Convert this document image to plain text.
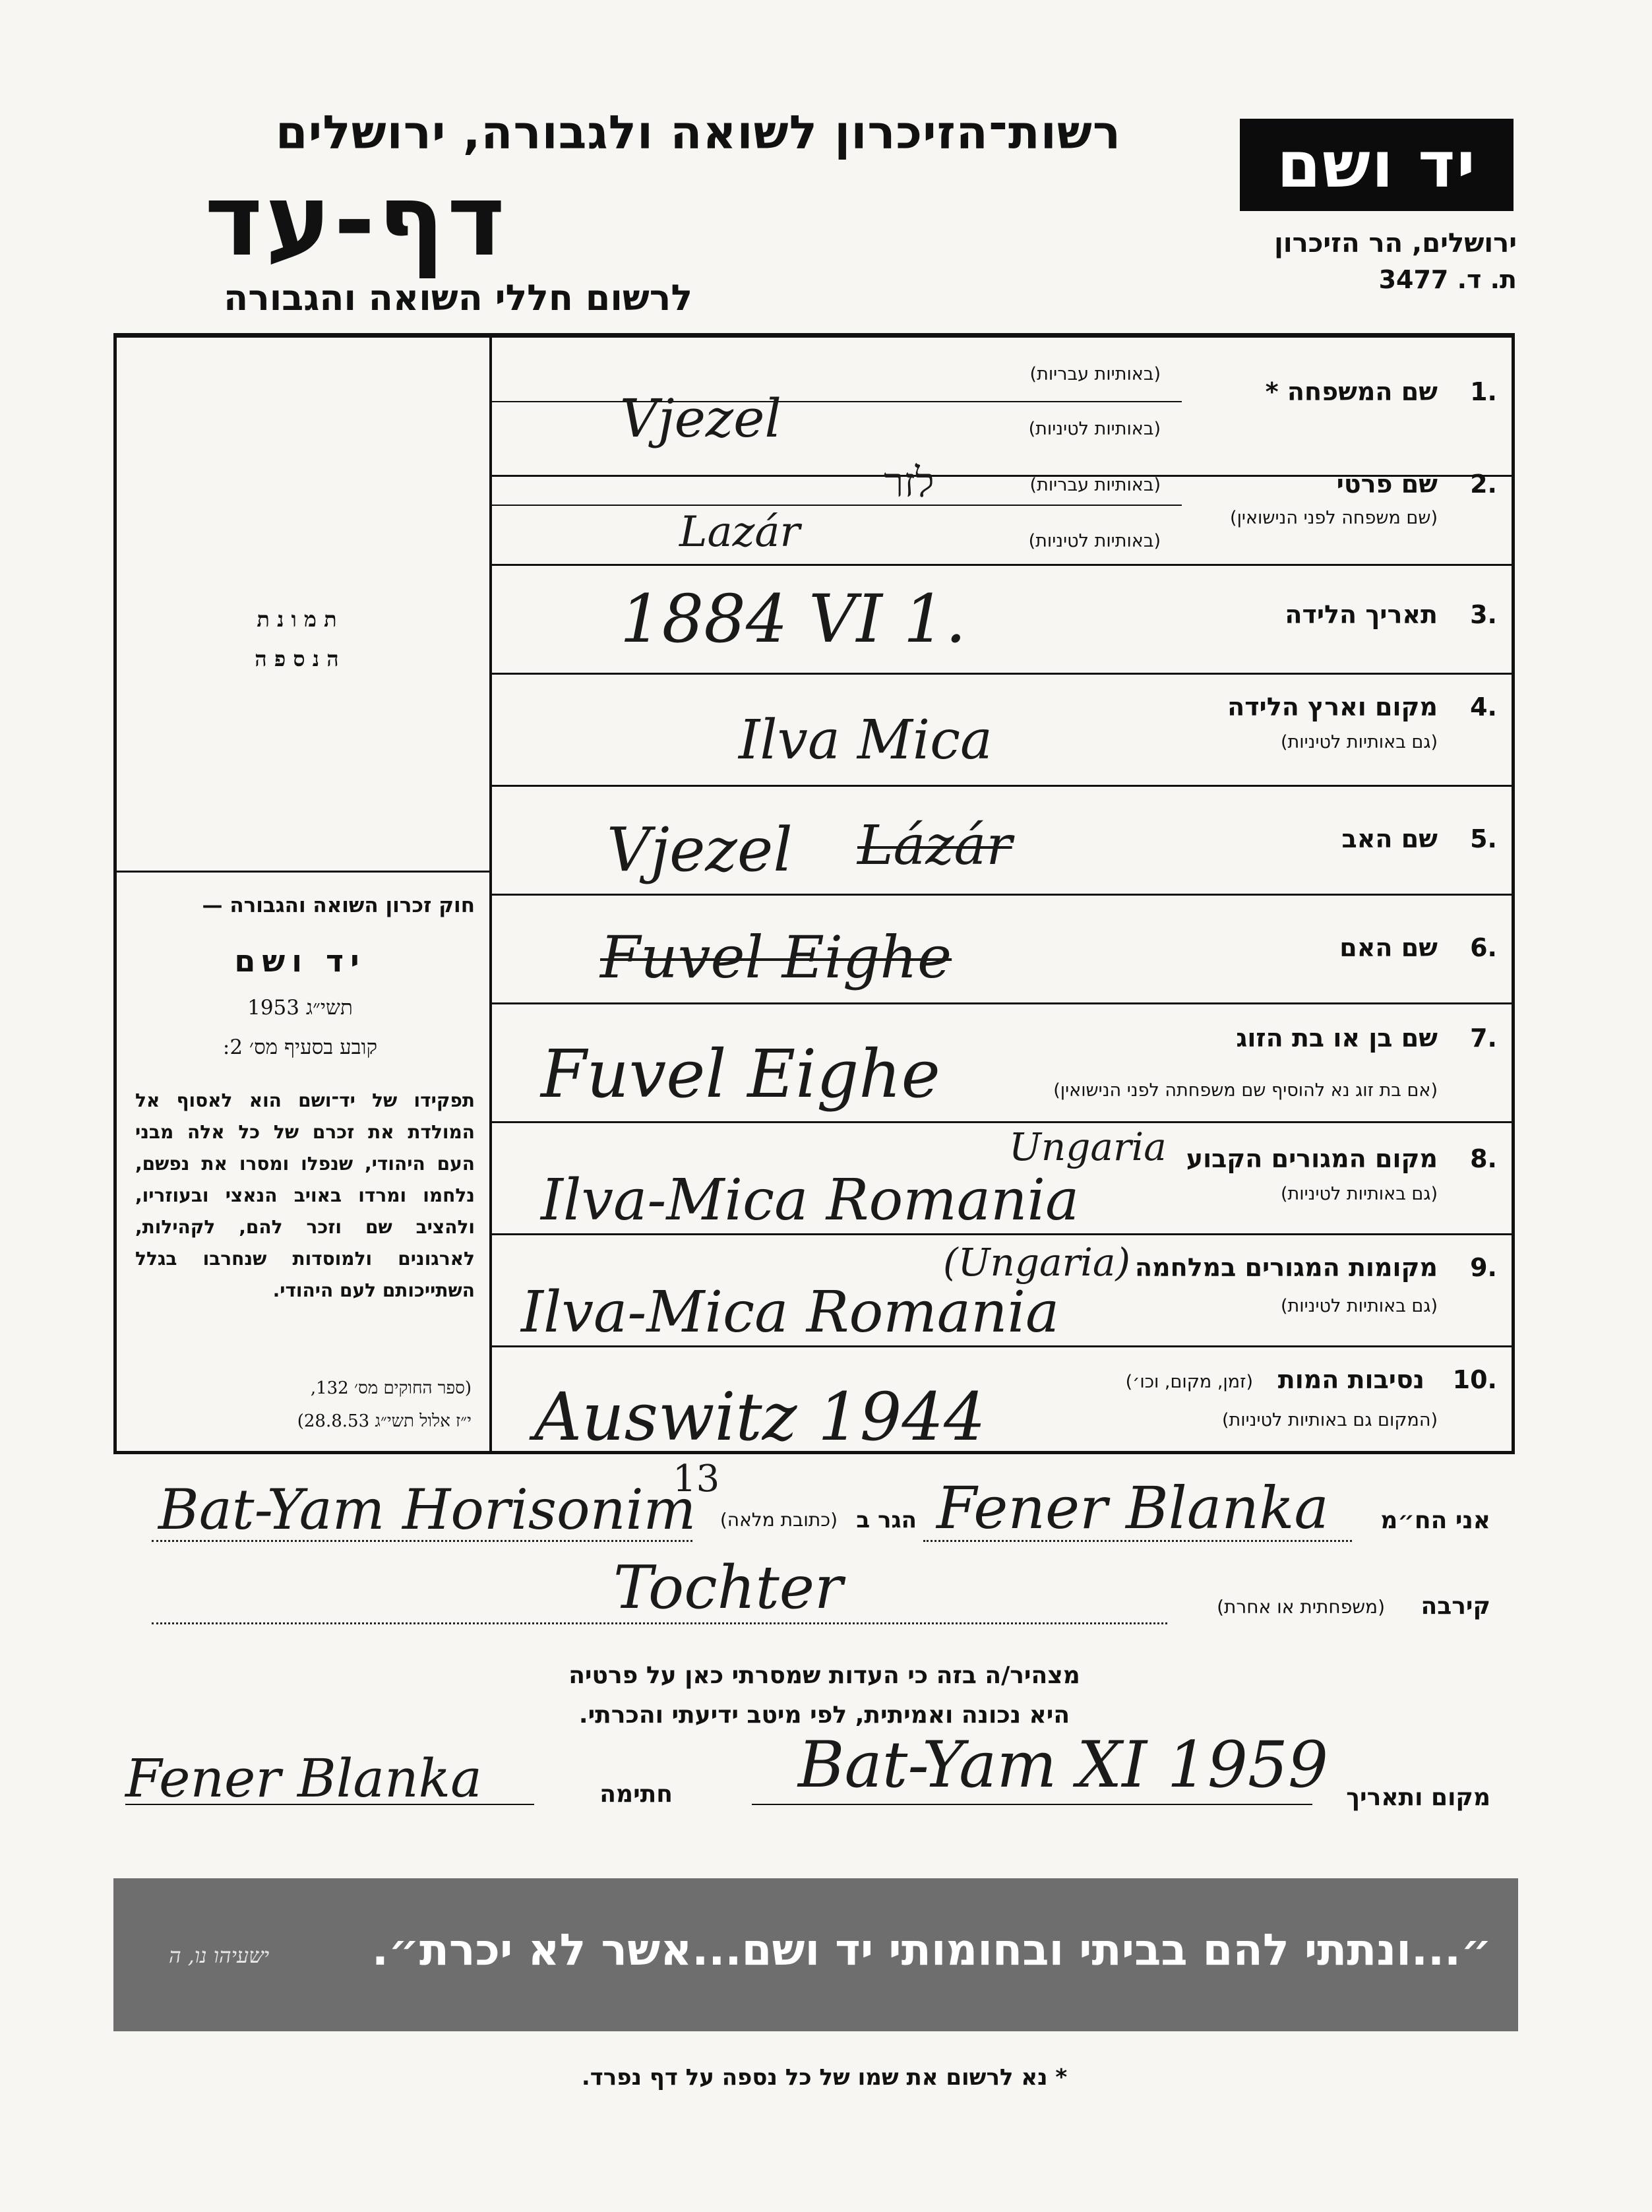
רשות־הזיכרון לשואה ולגבורה, ירושלים
דף-עד
לרשום חללי השואה והגבורה
יד ושם
ירושלים, הר הזיכרון
ת. ד. 3477
ת מ ו נ ת
ה נ ס פ ה
חוק זכרון השואה והגבורה —
יד ושם
תשי״ג 1953
קובע בסעיף מס׳ 2:
תפקידו של יד־ושם הוא לאסוף אל המולדת את זכרם של כל אלה מבני העם היהודי, שנפלו ומסרו את נפשם, נלחמו ומרדו באויב הנאצי ובעוזריו, ולהציב שם וזכר להם, לקהילות, לארגונים ולמוסדות שנחרבו בגלל השתייכותם לעם היהודי.
(ספר החוקים מס׳ 132,
י״ז אלול תשי״ג 28.8.53)
1.
שם המשפחה *
(באותיות עבריות)
(באותיות לטיניות)
Vjezel
2.
שם פרטי
(שם משפחה לפני הנישואין)
(באותיות עבריות)
(באותיות לטיניות)
לזר
Lazár
3.
תאריך הלידה
1884 VI 1.
4.
מקום וארץ הלידה
(גם באותיות לטיניות)
Ilva Mica
5.
שם האב
Vjezel Lázár
6.
שם האם
Fuvel Eighe
7.
שם בן או בת הזוג
(אם בת זוג נא להוסיף שם משפחתה לפני הנישואין)
Fuvel Eighe
8.
מקום המגורים הקבוע
(גם באותיות לטיניות)
Ungaria
Ilva-Mica Romania
9.
מקומות המגורים במלחמה
(גם באותיות לטיניות)
(Ungaria)
Ilva-Mica Romania
10.
נסיבות המות
(זמן, מקום, וכו׳)
(המקום גם באותיות לטיניות)
Auswitz 1944
אני הח״מ
Fener Blanka
הגר ב
(כתובת מלאה)
Bat-Yam Horisonim
13
קירבה
(משפחתית או אחרת)
Tochter
מצהיר/ה בזה כי העדות שמסרתי כאן על פרטיה
היא נכונה ואמיתית, לפי מיטב ידיעתי והכרתי.
מקום ותאריך
Bat-Yam XI 1959
חתימה
Fener Blanka
״...ונתתי להם בביתי ובחומותי יד ושם...אשר לא יכרת״.
ישעיהו נו, ה
* נא לרשום את שמו של כל נספה על דף נפרד.
